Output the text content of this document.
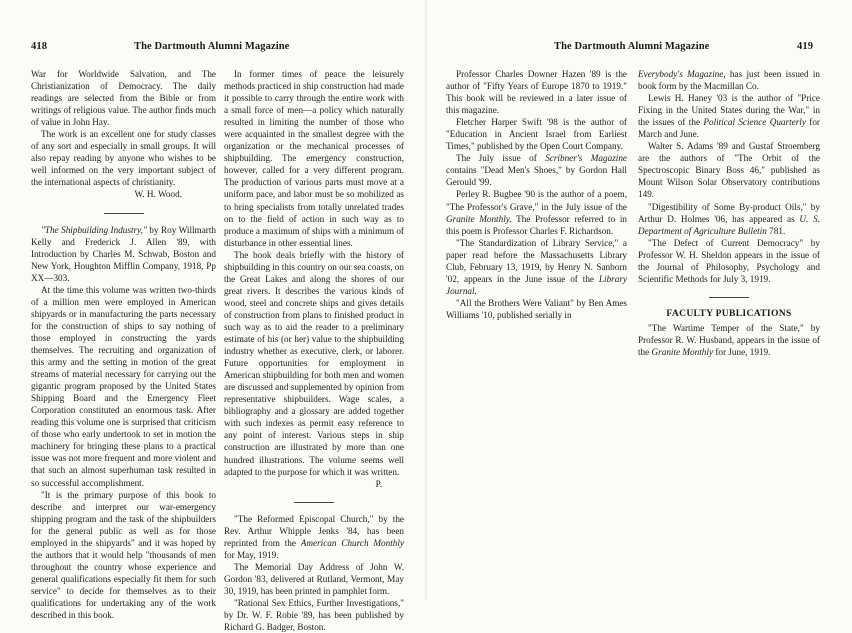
418	The Dartmouth Alumni Magazine

War for Worldwide Salvation, and The Christianization of Democracy. The daily readings are selected from the Bible or from writings of religious value. The author finds much of value in John Hay.

The work is an excellent one for study classes of any sort and especially in small groups. It will also repay reading by anyone who wishes to be well informed on the very important subject of the international aspects of christianity.

W. H. Wood.

"The Shipbuilding Industry," by Roy Willmarth Kelly and Frederick J. Allen '89, with Introduction by Charles M. Schwab, Boston and New York, Houghton Mifflin Company, 1918, Pp XX—303.

At the time this volume was written two-thirds of a million men were employed in American shipyards or in manufacturing the parts necessary for the construction of ships to say nothing of those employed in constructing the yards themselves. The recruiting and organization of this army and the setting in motion of the great streams of material necessary for carrying out the gigantic program proposed by the United States Shipping Board and the Emergency Fleet Corporation constituted an enormous task. After reading this volume one is surprised that criticism of those who early undertook to set in motion the machinery for bringing these plans to a practical issue was not more frequent and more violent and that such an almost superhuman task resulted in so successful accomplishment.

"It is the primary purpose of this book to describe and interpret our war-emergency shipping program and the task of the shipbuilders for the general public as well as for those employed in the shipyards" and it was hoped by the authors that it would help "thousands of men throughout the country whose experience and general qualifications especially fit them for such service" to decide for themselves as to their qualifications for undertaking any of the work described in this book.

In former times of peace the leisurely methods practiced in ship construction had made it possible to carry through the entire work with a small force of men—a policy which naturally resulted in limiting the number of those who were acquainted in the smallest degree with the organization or the mechanical processes of shipbuilding. The emergency construction, however, called for a very different program. The production of various parts must move at a uniform pace, and labor must be so mobilized as to bring specialists from totally unrelated trades on to the field of action in such way as to produce a maximum of ships with a minimum of disturbance in other essential lines.

The book deals briefly with the history of shipbuilding in this country on our sea coasts, on the Great Lakes and along the shores of our great rivers. It describes the various kinds of wood, steel and concrete ships and gives details of construction from plans to finished product in such way as to aid the reader to a preliminary estimate of his (or her) value to the shipbuilding industry whether as executive, clerk, or laborer. Future opportunities for employment in American shipbuilding for both men and women are discussed and supplemented by opinion from representative shipbuilders. Wage scales, a bibliography and a glossary are added together with such indexes as permit easy reference to any point of interest. Various steps in ship construction are illustrated by more than one hundred illustrations. The volume seems well adapted to the purpose for which it was written.

P.

"The Reformed Episcopal Church," by the Rev. Arthur Whipple Jenks '84, has been reprinted from the American Church Monthly for May, 1919.

The Memorial Day Address of John W. Gordon '83, delivered at Rutland, Vermont, May 30, 1919, has been printed in pamphlet form.

"Rational Sex Ethics, Further Investigations," by Dr. W. F. Robie '89, has been published by Richard G. Badger, Boston.

The Dartmouth Alumni Magazine	419

Professor Charles Downer Hazen '89 is the author of "Fifty Years of Europe 1870 to 1919." This book will be reviewed in a later issue of this magazine.

Fletcher Harper Swift '98 is the author of "Education in Ancient Israel from Earliest Times," published by the Open Court Company.

The July issue of Scribner's Magazine contains "Dead Men's Shoes," by Gordon Hall Gerould '99.

Perley R. Bugbee '90 is the author of a poem, "The Professor's Grave," in the July issue of the Granite Monthly. The Professor referred to in this poem is Professor Charles F. Richardson.

"The Standardization of Library Service," a paper read before the Massachusetts Library Club, February 13, 1919, by Henry N. Sanborn '02, appears in the June issue of the Library Journal.

"All the Brothers Were Valiant" by Ben Ames Williams '10, published serially in

Everybody's Magazine, has just been issued in book form by the Macmillan Co.

Lewis H. Haney '03 is the author of "Price Fixing in the United States during the War," in the issues of the Political Science Quarterly for March and June.

Walter S. Adams '89 and Gustaf Stroemberg are the authors of "The Orbit of the Spectroscopic Binary Boss 46," published as Mount Wilson Solar Observatory contributions 149.

"Digestibility of Some By-product Oils," by Arthur D. Holmes '06, has appeared as U. S. Department of Agriculture Bulletin 781.

"The Defect of Current Democracy" by Professor W. H. Sheldon appears in the issue of the Journal of Philosophy, Psychology and Scientific Methods for July 3, 1919.

FACULTY PUBLICATIONS

"The Wartime Temper of the State," by Professor R. W. Husband, appears in the issue of the Granite Monthly for June, 1919.
